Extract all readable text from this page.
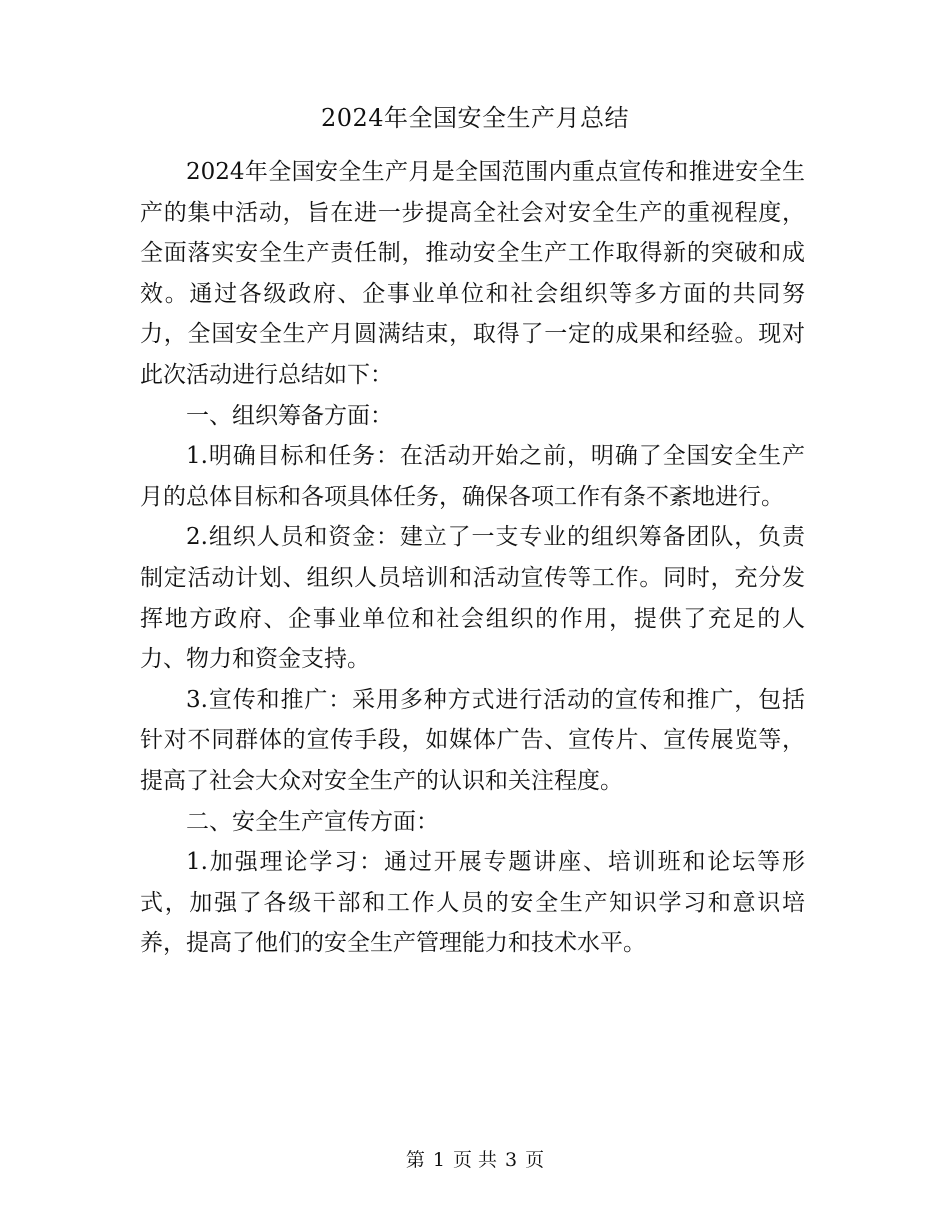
2024年全国安全生产月总结

2024年全国安全生产月是全国范围内重点宣传和推进安全生产的集中活动，旨在进一步提高全社会对安全生产的重视程度，全面落实安全生产责任制，推动安全生产工作取得新的突破和成效。通过各级政府、企事业单位和社会组织等多方面的共同努力，全国安全生产月圆满结束，取得了一定的成果和经验。现对此次活动进行总结如下：

一、组织筹备方面：

1.明确目标和任务：在活动开始之前，明确了全国安全生产月的总体目标和各项具体任务，确保各项工作有条不紊地进行。

2.组织人员和资金：建立了一支专业的组织筹备团队，负责制定活动计划、组织人员培训和活动宣传等工作。同时，充分发挥地方政府、企事业单位和社会组织的作用，提供了充足的人力、物力和资金支持。

3.宣传和推广：采用多种方式进行活动的宣传和推广，包括针对不同群体的宣传手段，如媒体广告、宣传片、宣传展览等，提高了社会大众对安全生产的认识和关注程度。

二、安全生产宣传方面：

1.加强理论学习：通过开展专题讲座、培训班和论坛等形式，加强了各级干部和工作人员的安全生产知识学习和意识培养，提高了他们的安全生产管理能力和技术水平。

第 1 页 共 3 页
